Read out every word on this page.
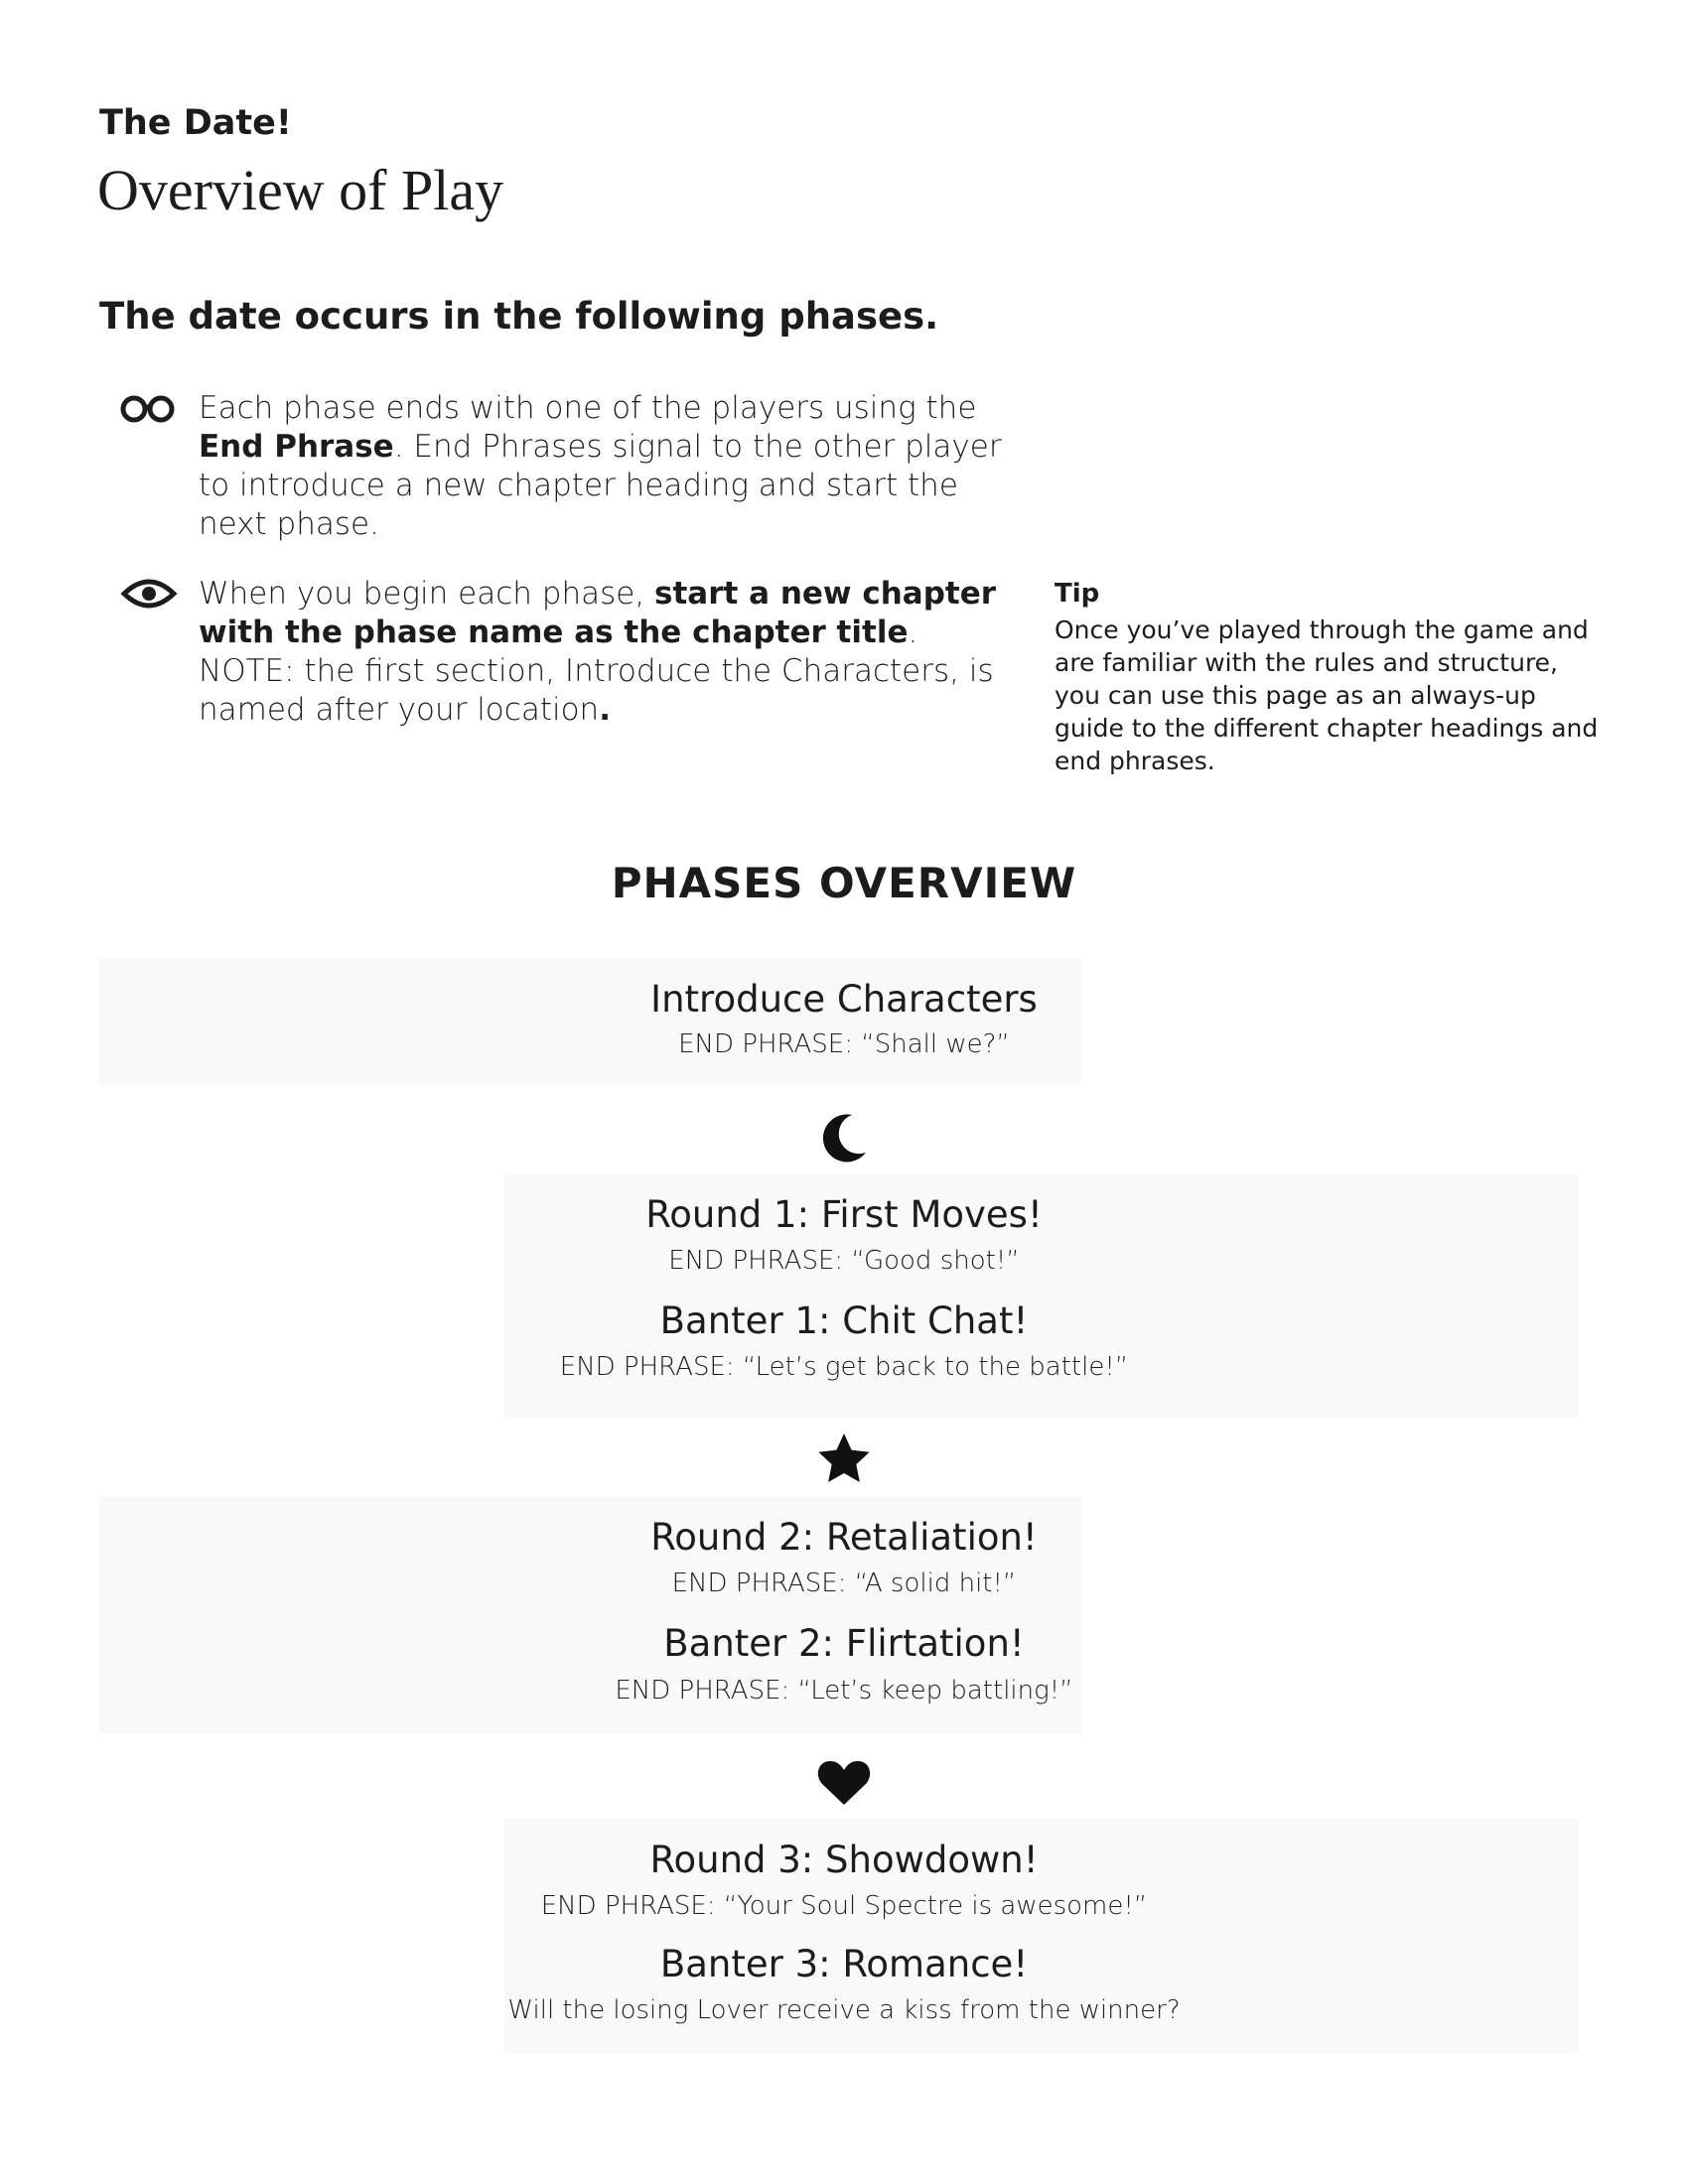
The Date!
Overview of Play
The date occurs in the following phases.
Each phase ends with one of the players using the End Phrase. End Phrases signal to the other player to introduce a new chapter heading and start the next phase.
When you begin each phase, start a new chapter with the phase name as the chapter title. NOTE: the first section, Introduce the Characters, is named after your location.
Tip
Once you’ve played through the game and are familiar with the rules and structure, you can use this page as an always-up guide to the different chapter headings and end phrases.
PHASES OVERVIEW
Introduce Characters
END PHRASE: “Shall we?”
Round 1: First Moves!
END PHRASE: “Good shot!”
Banter 1: Chit Chat!
END PHRASE: “Let’s get back to the battle!”
Round 2: Retaliation!
END PHRASE: “A solid hit!”
Banter 2: Flirtation!
END PHRASE: “Let’s keep battling!”
Round 3: Showdown!
END PHRASE: “Your Soul Spectre is awesome!”
Banter 3: Romance!
Will the losing Lover receive a kiss from the winner?
